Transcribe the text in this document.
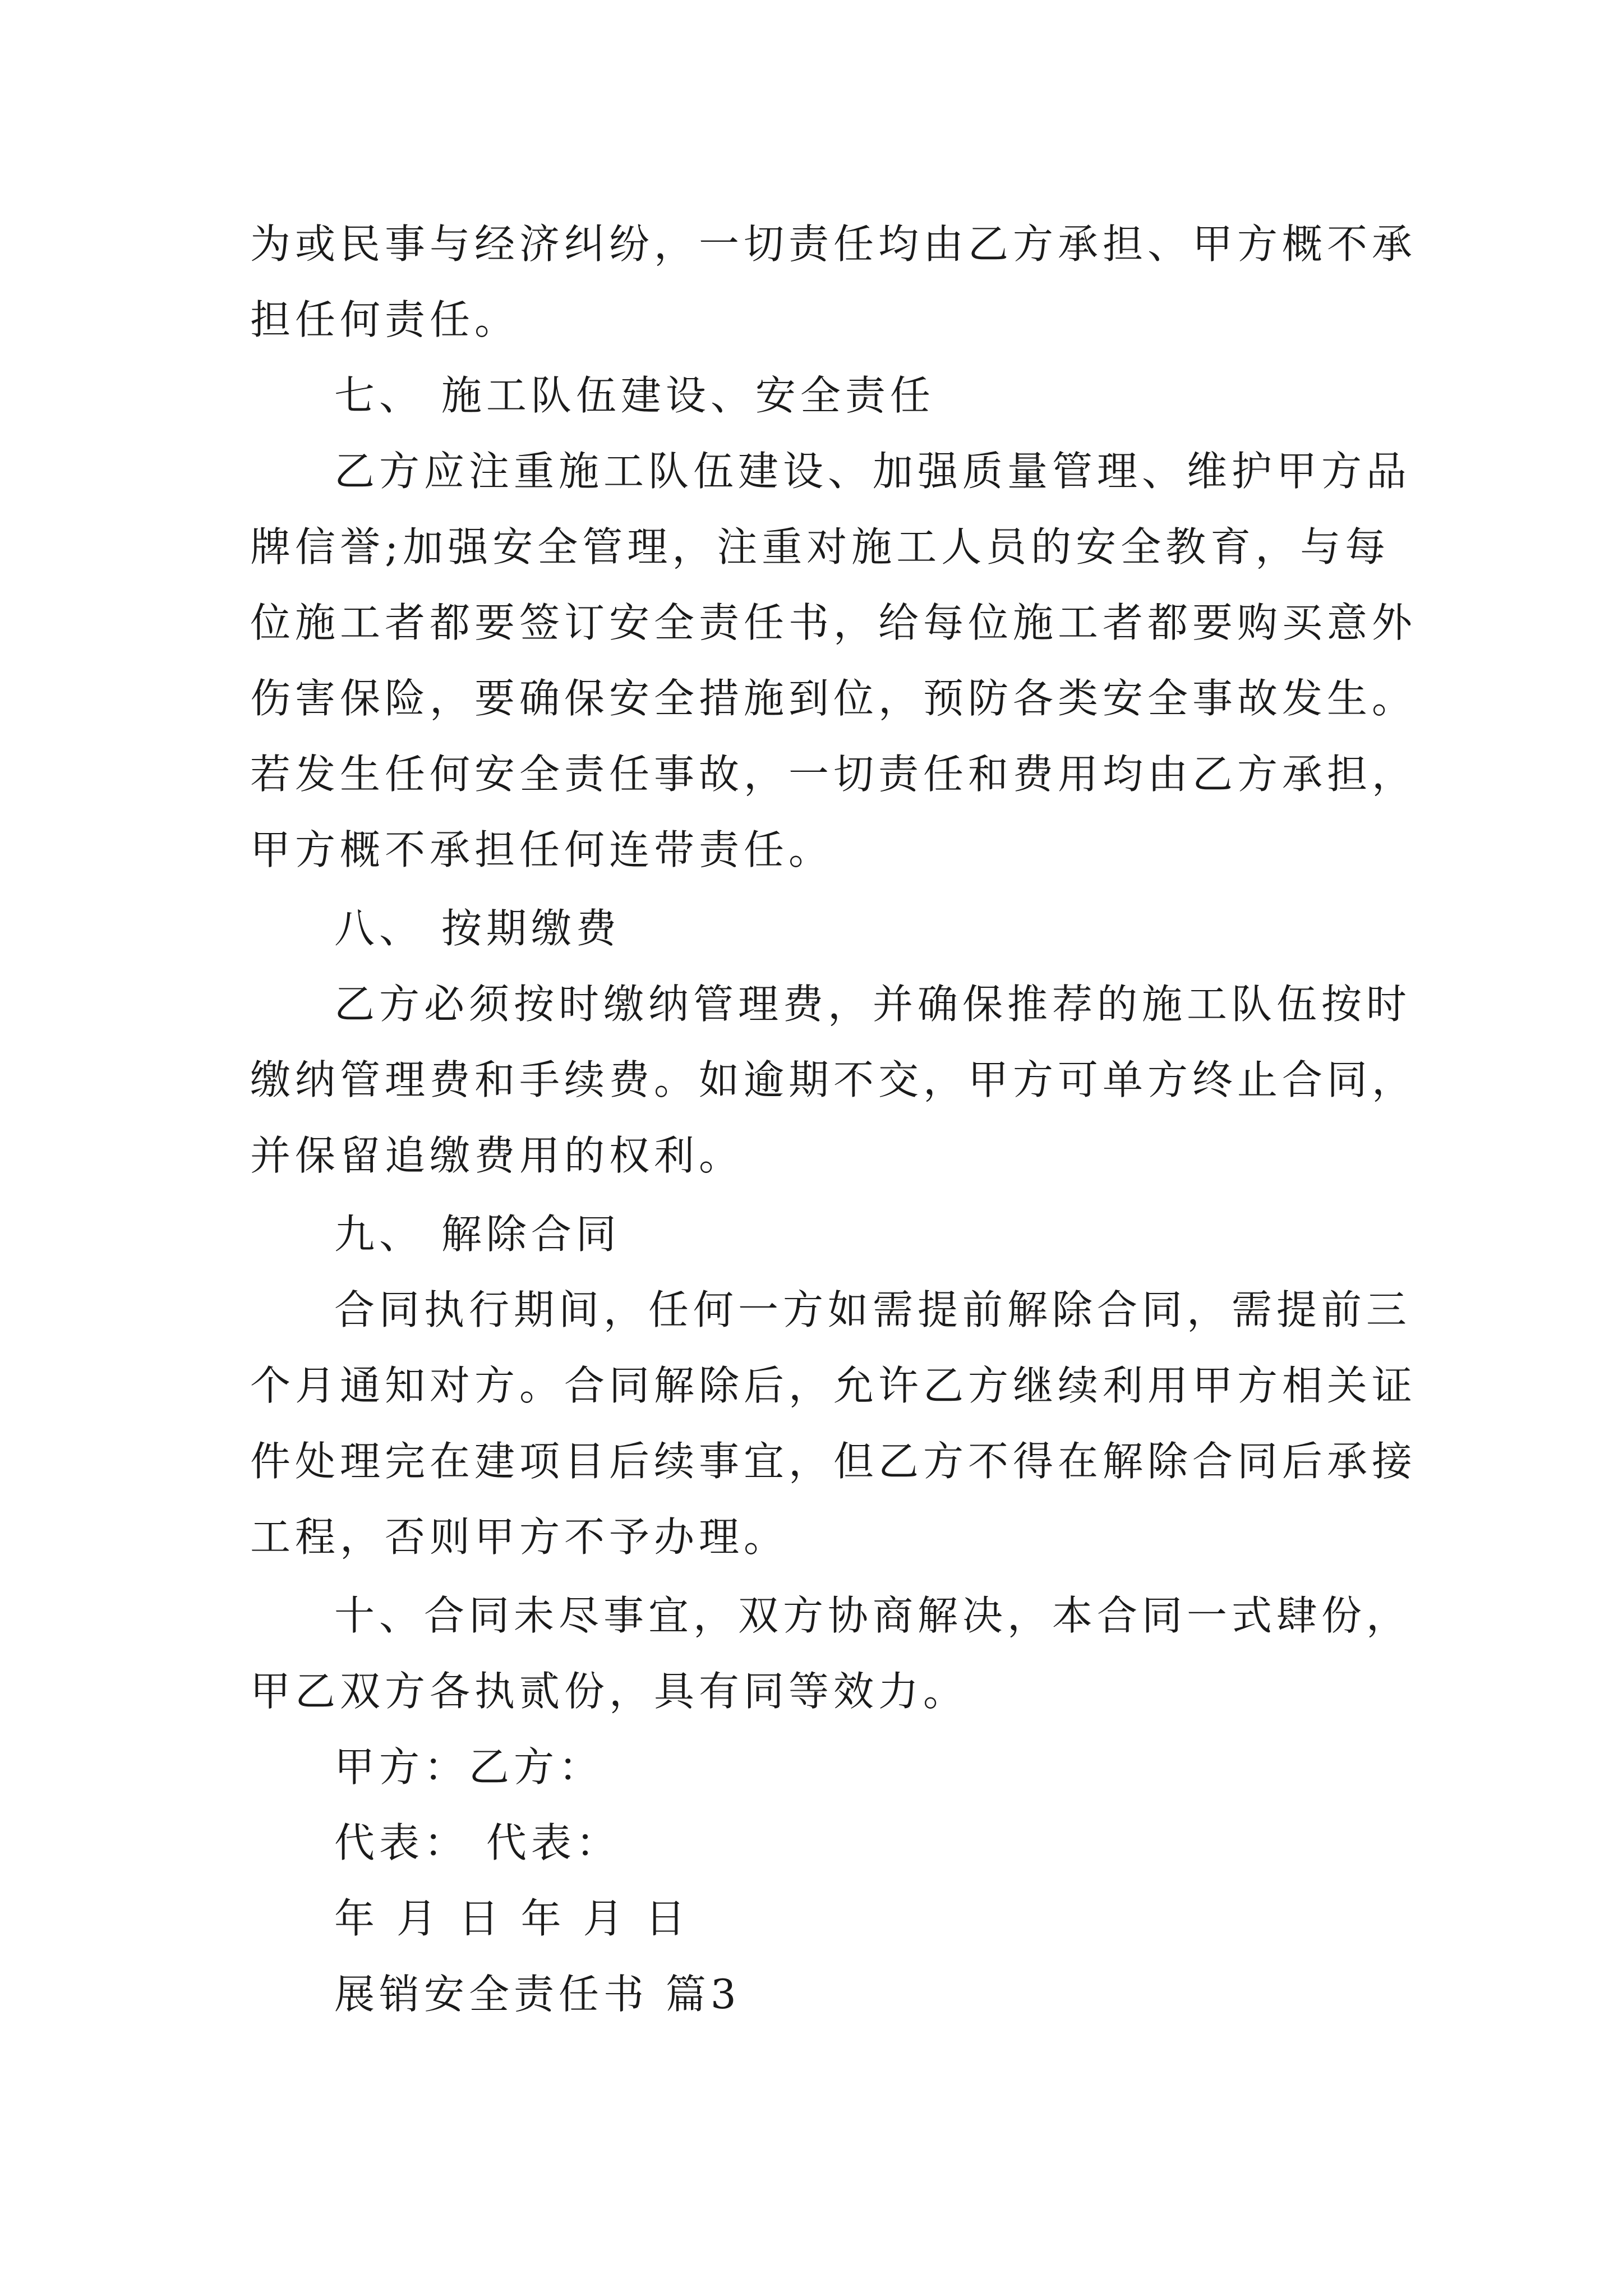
为或民事与经济纠纷，一切责任均由乙方承担、甲方概不承
担任何责任。
七、 施工队伍建设、安全责任
乙方应注重施工队伍建设、加强质量管理、维护甲方品
牌信誉;加强安全管理，注重对施工人员的安全教育，与每
位施工者都要签订安全责任书，给每位施工者都要购买意外
伤害保险，要确保安全措施到位，预防各类安全事故发生。
若发生任何安全责任事故，一切责任和费用均由乙方承担，
甲方概不承担任何连带责任。
八、 按期缴费
乙方必须按时缴纳管理费，并确保推荐的施工队伍按时
缴纳管理费和手续费。如逾期不交，甲方可单方终止合同，
并保留追缴费用的权利。
九、 解除合同
合同执行期间，任何一方如需提前解除合同，需提前三
个月通知对方。合同解除后，允许乙方继续利用甲方相关证
件处理完在建项目后续事宜，但乙方不得在解除合同后承接
工程，否则甲方不予办理。
十、合同未尽事宜，双方协商解决，本合同一式肆份，
甲乙双方各执贰份，具有同等效力。
甲方：乙方：
代表： 代表：
年 月 日 年 月 日
展销安全责任书 篇3
